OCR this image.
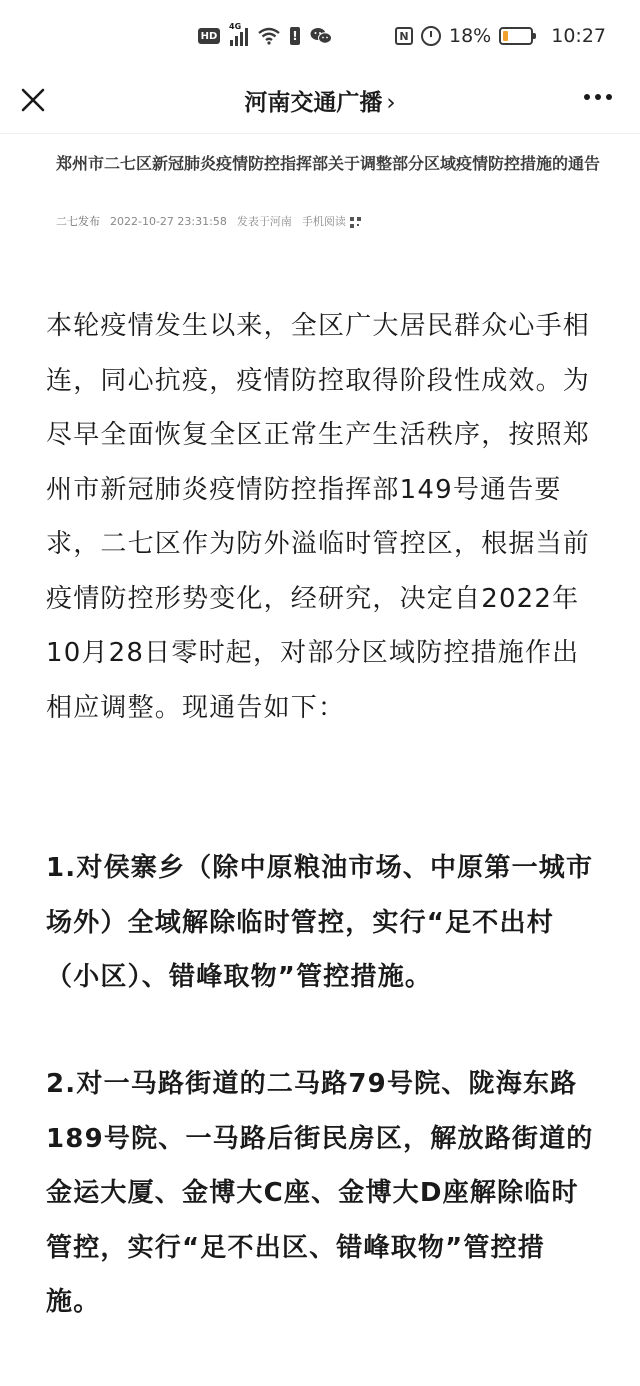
HD
4G
!	N 18%	10:27
河南交通广播 ›
郑州市二七区新冠肺炎疫情防控指挥部关于调整部分区域疫情防控措施的通告
二七发布 2022-10-27 23:31:58 发表于河南 手机阅读

本轮疫情发生以来，全区广大居民群众心手相连，同心抗疫，疫情防控取得阶段性成效。为尽早全面恢复全区正常生产生活秩序，按照郑州市新冠肺炎疫情防控指挥部149号通告要求，二七区作为防外溢临时管控区，根据当前疫情防控形势变化，经研究，决定自2022年10月28日零时起，对部分区域防控措施作出相应调整。现通告如下：

1.对侯寨乡（除中原粮油市场、中原第一城市场外）全域解除临时管控，实行“足不出村（小区）、错峰取物”管控措施。

2.对一马路街道的二马路79号院、陇海东路189号院、一马路后街民房区，解放路街道的金运大厦、金博大C座、金博大D座解除临时管控，实行“足不出区、错峰取物”管控措施。
